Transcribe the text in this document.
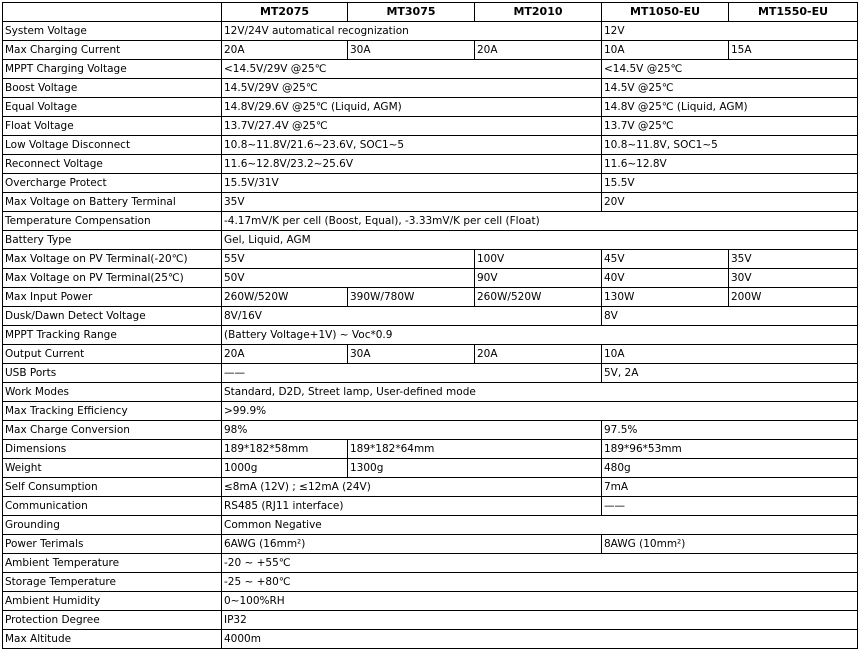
	MT2075	MT3075	MT2010	MT1050-EU	MT1550-EU
System Voltage	12V/24V automatical recognization			12V	
Max Charging Current	20A	30A	20A	10A	15A
MPPT Charging Voltage	<14.5V/29V @25℃			<14.5V @25℃	
Boost Voltage	14.5V/29V @25℃			14.5V @25℃	
Equal Voltage	14.8V/29.6V @25℃ (Liquid, AGM)			14.8V @25℃ (Liquid, AGM)	
Float Voltage	13.7V/27.4V @25℃			13.7V @25℃	
Low Voltage Disconnect	10.8~11.8V/21.6~23.6V, SOC1~5			10.8~11.8V, SOC1~5	
Reconnect Voltage	11.6~12.8V/23.2~25.6V			11.6~12.8V	
Overcharge Protect	15.5V/31V			15.5V	
Max Voltage on Battery Terminal	35V			20V	
Temperature Compensation	-4.17mV/K per cell (Boost, Equal), -3.33mV/K per cell (Float)				
Battery Type	Gel, Liquid, AGM				
Max Voltage on PV Terminal(-20℃)	55V		100V	45V	35V
Max Voltage on PV Terminal(25℃)	50V		90V	40V	30V
Max Input Power	260W/520W	390W/780W	260W/520W	130W	200W
Dusk/Dawn Detect Voltage	8V/16V			8V	
MPPT Tracking Range	(Battery Voltage+1V) ~ Voc*0.9				
Output Current	20A	30A	20A	10A	
USB Ports	——			5V, 2A	
Work Modes	Standard, D2D, Street lamp, User-defined mode				
Max Tracking Efficiency	>99.9%				
Max Charge Conversion	98%			97.5%	
Dimensions	189*182*58mm	189*182*64mm		189*96*53mm	
Weight	1000g	1300g		480g	
Self Consumption	≤8mA (12V) ; ≤12mA (24V)			7mA	
Communication	RS485 (RJ11 interface)			——	
Grounding	Common Negative				
Power Terimals	6AWG (16mm²)			8AWG (10mm²)	
Ambient Temperature	-20 ~ +55℃				
Storage Temperature	-25 ~ +80℃				
Ambient Humidity	0~100%RH				
Protection Degree	IP32				
Max Altitude	4000m				
